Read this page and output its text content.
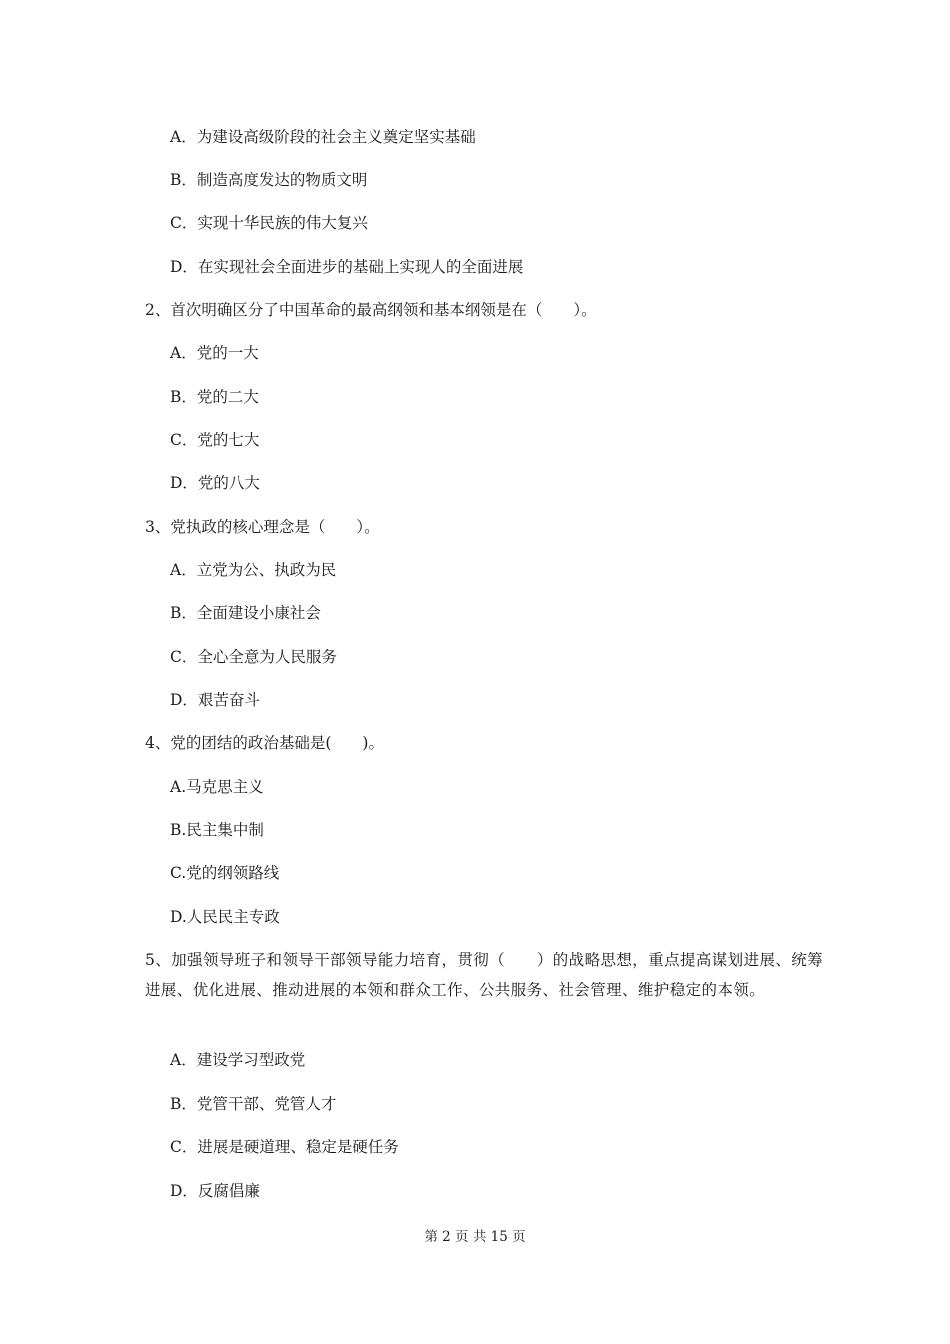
A．为建设高级阶段的社会主义奠定坚实基础
B．制造高度发达的物质文明
C．实现十华民族的伟大复兴
D．在实现社会全面进步的基础上实现人的全面进展
2、首次明确区分了中国革命的最高纲领和基本纲领是在（　　）。
A．党的一大
B．党的二大
C．党的七大
D．党的八大
3、党执政的核心理念是（　　）。
A．立党为公、执政为民
B．全面建设小康社会
C．全心全意为人民服务
D．艰苦奋斗
4、党的团结的政治基础是(　　)。
A.马克思主义
B.民主集中制
C.党的纲领路线
D.人民民主专政
5、加强领导班子和领导干部领导能力培育，贯彻（　　）的战略思想，重点提高谋划进展、统筹进展、优化进展、推动进展的本领和群众工作、公共服务、社会管理、维护稳定的本领。
A．建设学习型政党
B．党管干部、党管人才
C．进展是硬道理、稳定是硬任务
D．反腐倡廉
第 2 页 共 15 页
